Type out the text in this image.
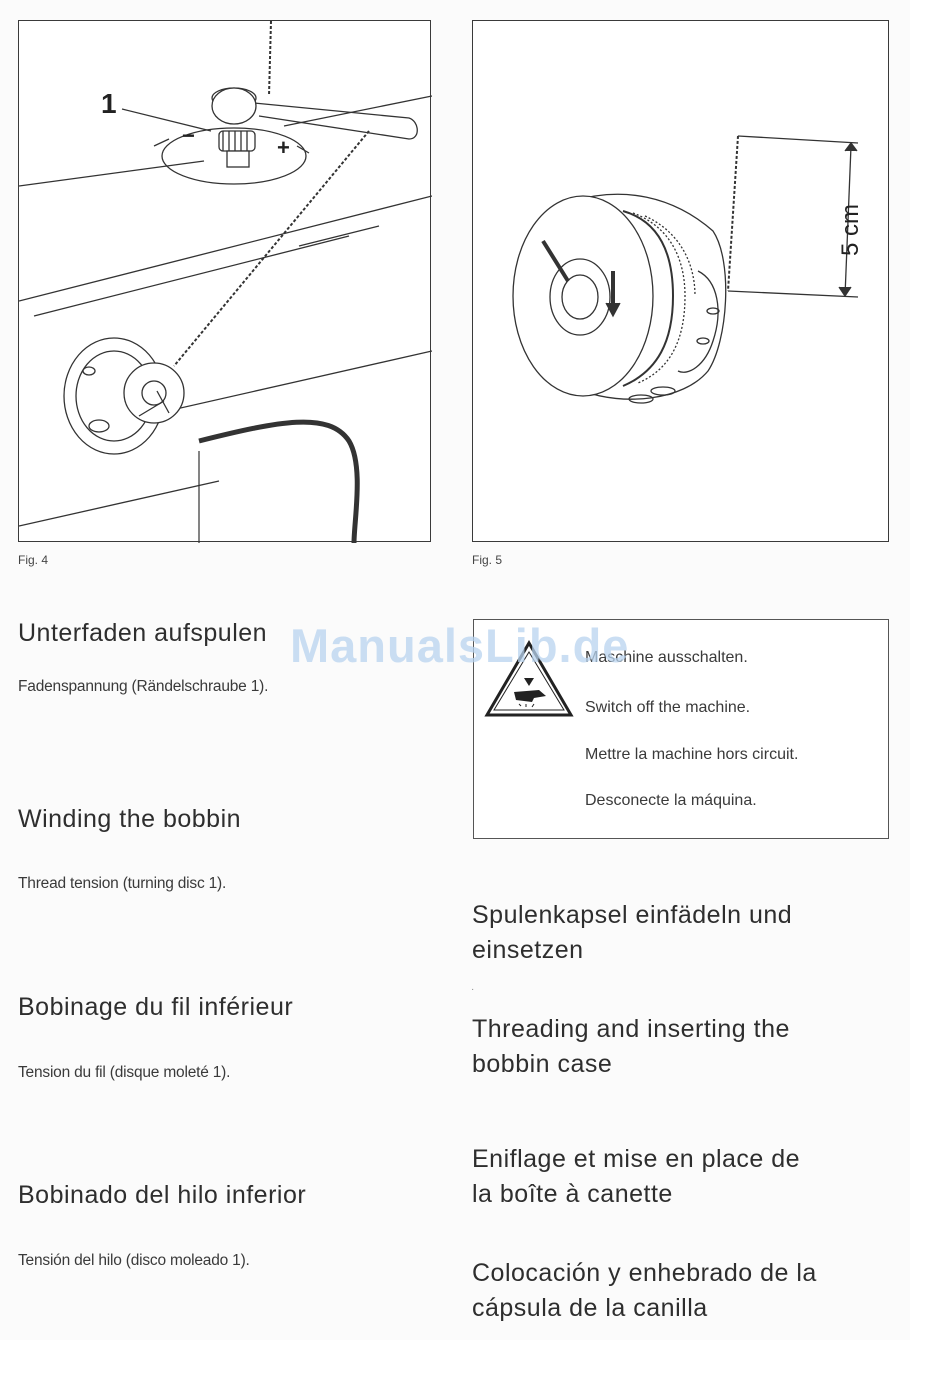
1
−	+
Fig. 4
5 cm
Fig. 5
Unterfaden aufspulen
Fadenspannung (Rändelschraube 1).
Winding the bobbin
Thread tension (turning disc 1).
Bobinage du fil inférieur
Tension du fil (disque moleté 1).
Bobinado del hilo inferior
Tensión del hilo (disco moleado 1).
Maschine ausschalten.
Switch off the machine.
Mettre la machine hors circuit.
Desconecte la máquina.
Spulenkapsel einfädeln und
einsetzen
·
Threading and inserting the
bobbin case
Eniflage et mise en place de
la boîte à canette
Colocación y enhebrado de la
cápsula de la canilla
ManualsLib.de
